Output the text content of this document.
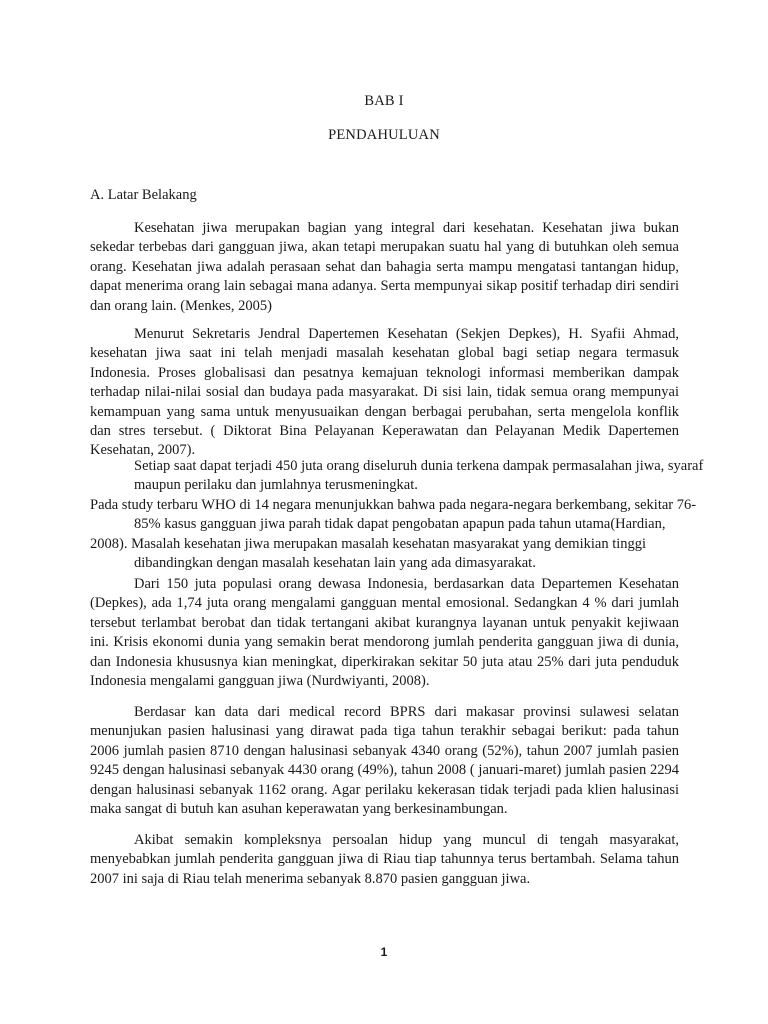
BAB I
PENDAHULUAN
A. Latar Belakang

Kesehatan jiwa merupakan bagian yang integral dari kesehatan. Kesehatan jiwa bukan sekedar terbebas dari gangguan jiwa, akan tetapi merupakan suatu hal yang di butuhkan oleh semua orang. Kesehatan jiwa adalah perasaan sehat dan bahagia serta mampu mengatasi tantangan hidup, dapat menerima orang lain sebagai mana adanya. Serta mempunyai sikap positif terhadap diri sendiri dan orang lain. (Menkes, 2005)

Menurut Sekretaris Jendral Dapertemen Kesehatan (Sekjen Depkes), H. Syafii Ahmad, kesehatan jiwa saat ini telah menjadi masalah kesehatan global bagi setiap negara termasuk Indonesia. Proses globalisasi dan pesatnya kemajuan teknologi informasi memberikan dampak terhadap nilai-nilai sosial dan budaya pada masyarakat. Di sisi lain, tidak semua orang mempunyai kemampuan yang sama untuk menyusuaikan dengan berbagai perubahan, serta mengelola konflik dan stres tersebut. ( Diktorat Bina Pelayanan Keperawatan dan Pelayanan Medik Dapertemen Kesehatan, 2007).

Setiap saat dapat terjadi 450 juta orang diseluruh dunia terkena dampak permasalahan jiwa, syaraf
maupun perilaku dan jumlahnya terusmeningkat.
Pada study terbaru WHO di 14 negara menunjukkan bahwa pada negara-negara berkembang, sekitar 76-
85% kasus gangguan jiwa parah tidak dapat pengobatan apapun pada tahun utama(Hardian,
2008). Masalah kesehatan jiwa merupakan masalah kesehatan masyarakat yang demikian tinggi
dibandingkan dengan masalah kesehatan lain yang ada dimasyarakat.

Dari 150 juta populasi orang dewasa Indonesia, berdasarkan data Departemen Kesehatan (Depkes), ada 1,74 juta orang mengalami gangguan mental emosional. Sedangkan 4 % dari jumlah tersebut terlambat berobat dan tidak tertangani akibat kurangnya layanan untuk penyakit kejiwaan ini. Krisis ekonomi dunia yang semakin berat mendorong jumlah penderita gangguan jiwa di dunia, dan Indonesia khususnya kian meningkat, diperkirakan sekitar 50 juta atau 25% dari juta penduduk Indonesia mengalami gangguan jiwa (Nurdwiyanti, 2008).

Berdasar kan data dari medical record BPRS dari makasar provinsi sulawesi selatan menunjukan pasien halusinasi yang dirawat pada tiga tahun terakhir sebagai berikut: pada tahun 2006 jumlah pasien 8710 dengan halusinasi sebanyak 4340 orang (52%), tahun 2007 jumlah pasien 9245 dengan halusinasi sebanyak 4430 orang (49%), tahun 2008 ( januari-maret) jumlah pasien 2294 dengan halusinasi sebanyak 1162 orang. Agar perilaku kekerasan tidak terjadi pada klien halusinasi maka sangat di butuh kan asuhan keperawatan yang berkesinambungan.

Akibat semakin kompleksnya persoalan hidup yang muncul di tengah masyarakat, menyebabkan jumlah penderita gangguan jiwa di Riau tiap tahunnya terus bertambah. Selama tahun 2007 ini saja di Riau telah menerima sebanyak 8.870 pasien gangguan jiwa.

1
